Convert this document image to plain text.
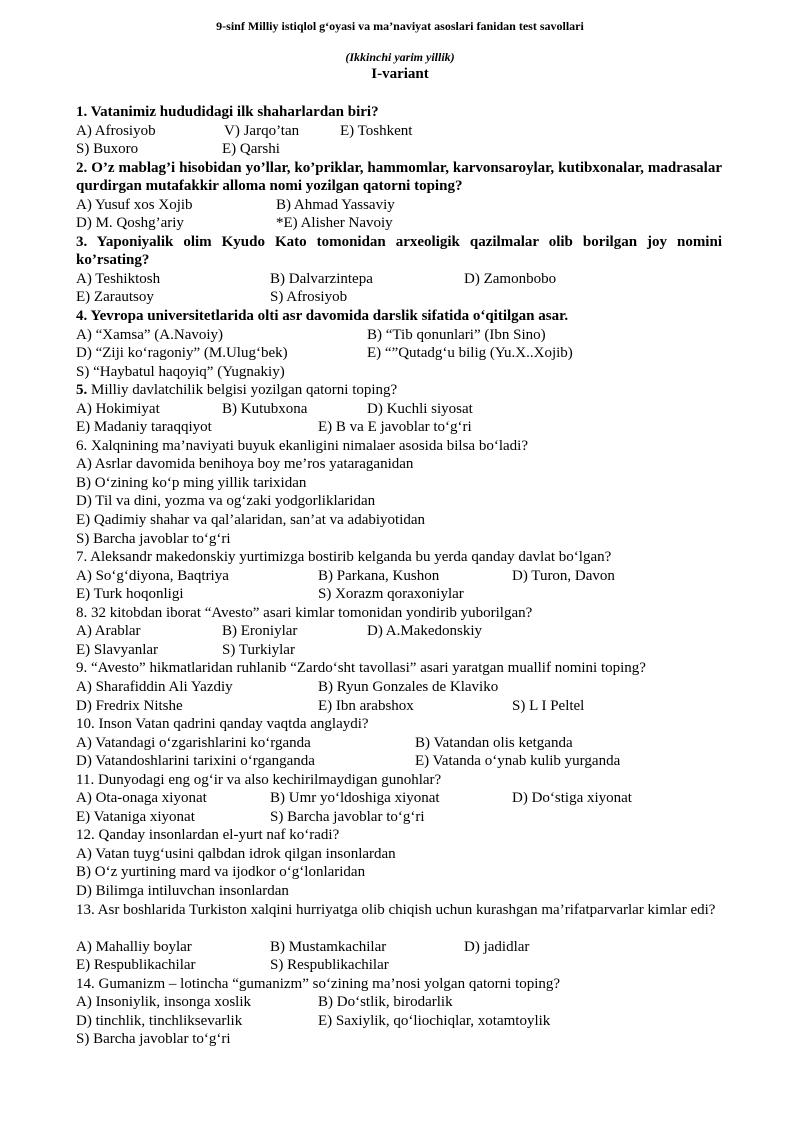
9-sinf Milliy istiqlol g‘oyasi va ma’naviyat asoslari fanidan test savollari
(Ikkinchi yarim yillik)
I-variant
1. Vatanimiz hududidagi ilk shaharlardan biri?
A) Afrosiyob	V) Jarqo’tan	E) Toshkent
S) Buxoro	E) Qarshi
2. O’z mablag’i hisobidan yo’llar, ko’priklar, hammomlar, karvonsaroylar, kutibxonalar, madrasalar qurdirgan mutafakkir alloma nomi yozilgan qatorni toping?
A) Yusuf xos Xojib	B) Ahmad Yassaviy
D) M. Qoshg’ariy	*E) Alisher Navoiy
3. Yaponiyalik olim Kyudo Kato tomonidan arxeoligik qazilmalar olib borilgan joy nomini ko’rsating?
A) Teshiktosh	B) Dalvarzintepa	D) Zamonbobo
E) Zarautsoy	S) Afrosiyob
4. Yevropa universitetlarida olti asr davomida darslik sifatida o‘qitilgan asar.
A) “Xamsa” (A.Navoiy)	B) “Tib qonunlari” (Ibn Sino)
D) “Ziji ko‘ragoniy” (M.Ulug‘bek)	E) “”Qutadg‘u bilig (Yu.X..Xojib)
S) “Haybatul haqoyiq” (Yugnakiy)
5. Milliy davlatchilik belgisi yozilgan qatorni toping?
A) Hokimiyat	B) Kutubxona	D) Kuchli siyosat
E) Madaniy taraqqiyot	E) B va E javoblar to‘g‘ri
6. Xalqnining ma’naviyati buyuk ekanligini nimalaer asosida bilsa bo‘ladi?
A) Asrlar davomida benihoya boy me’ros yataraganidan
B) O‘zining ko‘p ming yillik tarixidan
D) Til va dini, yozma va og‘zaki yodgorliklaridan
E) Qadimiy shahar va qal’alaridan, san’at va adabiyotidan
S) Barcha javoblar to‘g‘ri
7. Aleksandr makedonskiy yurtimizga bostirib kelganda bu yerda qanday davlat bo‘lgan?
A) So‘g‘diyona, Baqtriya	B) Parkana, Kushon	D) Turon, Davon
E) Turk hoqonligi	S) Xorazm qoraxoniylar
8. 32 kitobdan iborat “Avesto” asari kimlar tomonidan yondirib yuborilgan?
A) Arablar	B) Eroniylar	D) A.Makedonskiy
E) Slavyanlar	S) Turkiylar
9. “Avesto” hikmatlaridan ruhlanib “Zardo‘sht tavollasi” asari yaratgan muallif nomini toping?
A) Sharafiddin Ali Yazdiy	B) Ryun Gonzales de Klaviko
D) Fredrix Nitshe	E) Ibn arabshox	S) L I Peltel
10. Inson Vatan qadrini qanday vaqtda anglaydi?
A) Vatandagi o‘zgarishlarini ko‘rganda	B) Vatandan olis ketganda
D) Vatandoshlarini tarixini o‘rganganda	E) Vatanda o‘ynab kulib yurganda
11. Dunyodagi eng og‘ir va also kechirilmaydigan gunohlar?
A) Ota-onaga xiyonat	B) Umr yo‘ldoshiga xiyonat	D) Do‘stiga xiyonat
E) Vataniga xiyonat	S) Barcha javoblar to‘g‘ri
12. Qanday insonlardan el-yurt naf ko‘radi?
A) Vatan tuyg‘usini qalbdan idrok qilgan insonlardan
B) O‘z yurtining mard va ijodkor o‘g‘lonlaridan
D) Bilimga intiluvchan insonlardan
13. Asr boshlarida Turkiston xalqini hurriyatga olib chiqish uchun kurashgan ma’rifatparvarlar kimlar edi?
A) Mahalliy boylar	B) Mustamkachilar	D) jadidlar
E) Respublikachilar	S) Respublikachilar
14. Gumanizm – lotincha “gumanizm” so‘zining ma’nosi yolgan qatorni toping?
A) Insoniylik, insonga xoslik	B) Do‘stlik, birodarlik
D) tinchlik, tinchliksevarlik	E) Saxiylik, qo‘liochiqlar, xotamtoylik
S) Barcha javoblar to‘g‘ri
